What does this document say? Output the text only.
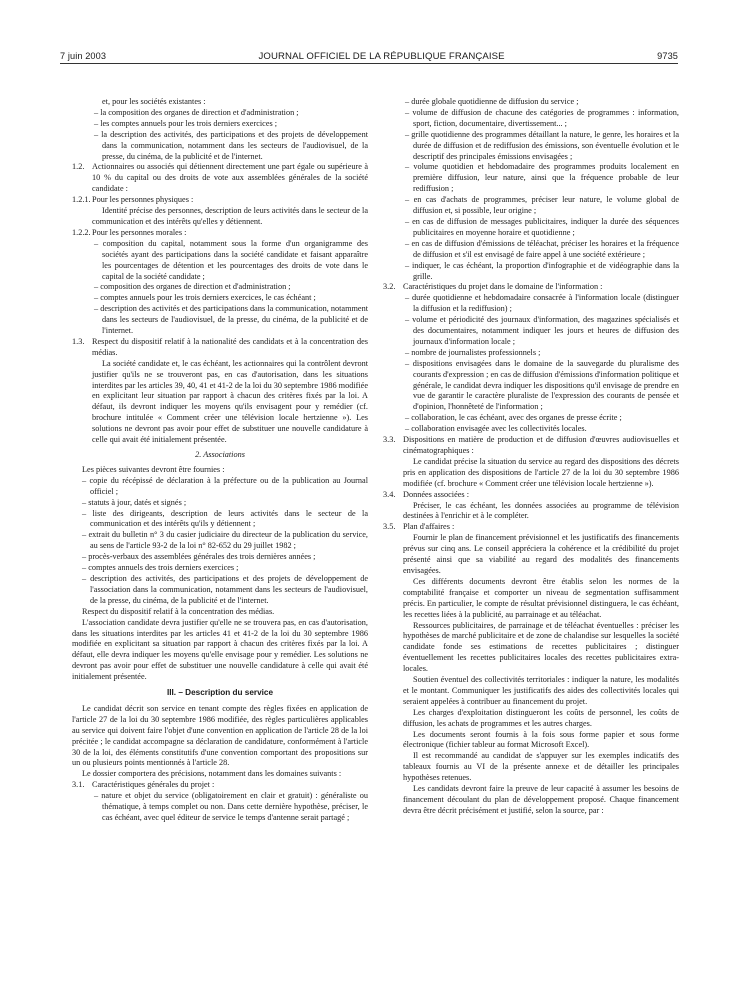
7 juin 2003	JOURNAL OFFICIEL DE LA RÉPUBLIQUE FRANÇAISE	9735

et, pour les sociétés existantes :

– la composition des organes de direction et d'administration ;

– les comptes annuels pour les trois derniers exercices ;

– la description des activités, des participations et des projets de développement dans la communication, notamment dans les secteurs de l'audiovisuel, de la presse, du cinéma, de la publicité et de l'internet.

1.2. Actionnaires ou associés qui détiennent directement une part égale ou supérieure à 10 % du capital ou des droits de vote aux assemblées générales de la société candidate :
1.2.1. Pour les personnes physiques :

Identité précise des personnes, description de leurs activités dans le secteur de la communication et des intérêts qu'elles y détiennent.

1.2.2. Pour les personnes morales :

– composition du capital, notamment sous la forme d'un organigramme des sociétés ayant des participations dans la société candidate et faisant apparaître les pourcentages de détention et les pourcentages des droits de vote dans le capital de la société candidate ;

– composition des organes de direction et d'administration ;

– comptes annuels pour les trois derniers exercices, le cas échéant ;

– description des activités et des participations dans la communication, notamment dans les secteurs de l'audiovisuel, de la presse, du cinéma, de la publicité et de l'internet.

1.3. Respect du dispositif relatif à la nationalité des candidats et à la concentration des médias.

La société candidate et, le cas échéant, les actionnaires qui la contrôlent devront justifier qu'ils ne se trouveront pas, en cas d'autorisation, dans les situations interdites par les articles 39, 40, 41 et 41-2 de la loi du 30 septembre 1986 modifiée en explicitant leur situation par rapport à chacun des critères fixés par la loi. A défaut, ils devront indiquer les moyens qu'ils envisagent pour y remédier (cf. brochure intitulée « Comment créer une télévision locale hertzienne »). Les solutions ne devront pas avoir pour effet de substituer une nouvelle candidature à celle qui avait été initialement présentée.

2. Associations

Les pièces suivantes devront être fournies :

– copie du récépissé de déclaration à la préfecture ou de la publication au Journal officiel ;

– statuts à jour, datés et signés ;

– liste des dirigeants, description de leurs activités dans le secteur de la communication et des intérêts qu'ils y détiennent ;

– extrait du bulletin n° 3 du casier judiciaire du directeur de la publication du service, au sens de l'article 93-2 de la loi n° 82-652 du 29 juillet 1982 ;

– procès-verbaux des assemblées générales des trois dernières années ;

– comptes annuels des trois derniers exercices ;

– description des activités, des participations et des projets de développement de l'association dans la communication, notamment dans les secteurs de l'audiovisuel, de la presse, du cinéma, de la publicité et de l'internet.

Respect du dispositif relatif à la concentration des médias.

L'association candidate devra justifier qu'elle ne se trouvera pas, en cas d'autorisation, dans les situations interdites par les articles 41 et 41-2 de la loi du 30 septembre 1986 modifiée en explicitant sa situation par rapport à chacun des critères fixés par la loi. A défaut, elle devra indiquer les moyens qu'elle envisage pour y remédier. Les solutions ne devront pas avoir pour effet de substituer une nouvelle candidature à celle qui avait été initialement présentée.

III. – Description du service

Le candidat décrit son service en tenant compte des règles fixées en application de l'article 27 de la loi du 30 septembre 1986 modifiée, des règles particulières applicables au service qui doivent faire l'objet d'une convention en application de l'article 28 de la loi précitée ; le candidat accompagne sa déclaration de candidature, conformément à l'article 30 de la loi, des éléments constitutifs d'une convention comportant des propositions sur un ou plusieurs points mentionnés à l'article 28.

Le dossier comportera des précisions, notamment dans les domaines suivants :

3.1. Caractéristiques générales du projet :

– nature et objet du service (obligatoirement en clair et gratuit) : généraliste ou thématique, à temps complet ou non. Dans cette dernière hypothèse, préciser, le cas échéant, avec quel éditeur de service le temps d'antenne serait partagé ;

– durée globale quotidienne de diffusion du service ;

– volume de diffusion de chacune des catégories de programmes : information, sport, fiction, documentaire, divertissement... ;

– grille quotidienne des programmes détaillant la nature, le genre, les horaires et la durée de diffusion et de rediffusion des émissions, son éventuelle évolution et le descriptif des principales émissions envisagées ;

– volume quotidien et hebdomadaire des programmes produits localement en première diffusion, leur nature, ainsi que la fréquence probable de leur rediffusion ;

– en cas d'achats de programmes, préciser leur nature, le volume global de diffusion et, si possible, leur origine ;

– en cas de diffusion de messages publicitaires, indiquer la durée des séquences publicitaires en moyenne horaire et quotidienne ;

– en cas de diffusion d'émissions de téléachat, préciser les horaires et la fréquence de diffusion et s'il est envisagé de faire appel à une société extérieure ;

– indiquer, le cas échéant, la proportion d'infographie et de vidéographie dans la grille.

3.2. Caractéristiques du projet dans le domaine de l'information :

– durée quotidienne et hebdomadaire consacrée à l'information locale (distinguer la diffusion et la rediffusion) ;

– volume et périodicité des journaux d'information, des magazines spécialisés et des documentaires, notamment indiquer les jours et heures de diffusion des journaux d'information locale ;

– nombre de journalistes professionnels ;

– dispositions envisagées dans le domaine de la sauvegarde du pluralisme des courants d'expression ; en cas de diffusion d'émissions d'information politique et générale, le candidat devra indiquer les dispositions qu'il envisage de prendre en vue de garantir le caractère pluraliste de l'expression des courants de pensée et d'opinion, l'honnêteté de l'information ;

– collaboration, le cas échéant, avec des organes de presse écrite ;

– collaboration envisagée avec les collectivités locales.

3.3. Dispositions en matière de production et de diffusion d'œuvres audiovisuelles et cinématographiques :

Le candidat précise la situation du service au regard des dispositions des décrets pris en application des dispositions de l'article 27 de la loi du 30 septembre 1986 modifiée (cf. brochure « Comment créer une télévision locale hertzienne »).

3.4. Données associées :

Préciser, le cas échéant, les données associées au programme de télévision destinées à l'enrichir et à le compléter.

3.5. Plan d'affaires :

Fournir le plan de financement prévisionnel et les justificatifs des financements prévus sur cinq ans. Le conseil appréciera la cohérence et la crédibilité du projet présenté ainsi que sa viabilité au regard des modalités des financements envisagées.

Ces différents documents devront être établis selon les normes de la comptabilité française et comporter un niveau de segmentation suffisamment précis. En particulier, le compte de résultat prévisionnel distinguera, le cas échéant, les recettes liées à la publicité, au parrainage et au téléachat.

Ressources publicitaires, de parrainage et de téléachat éventuelles : préciser les hypothèses de marché publicitaire et de zone de chalandise sur lesquelles la société candidate fonde ses estimations de recettes publicitaires ; distinguer éventuellement les recettes publicitaires locales des recettes publicitaires extra-locales.

Soutien éventuel des collectivités territoriales : indiquer la nature, les modalités et le montant. Communiquer les justificatifs des aides des collectivités locales qui seraient appelées à contribuer au financement du projet.

Les charges d'exploitation distingueront les coûts de personnel, les coûts de diffusion, les achats de programmes et les autres charges.

Les documents seront fournis à la fois sous forme papier et sous forme électronique (fichier tableur au format Microsoft Excel).

Il est recommandé au candidat de s'appuyer sur les exemples indicatifs des tableaux fournis au VI de la présente annexe et de détailler les principales hypothèses retenues.

Les candidats devront faire la preuve de leur capacité à assumer les besoins de financement découlant du plan de développement proposé. Chaque financement devra être décrit précisément et justifié, selon la source, par :
